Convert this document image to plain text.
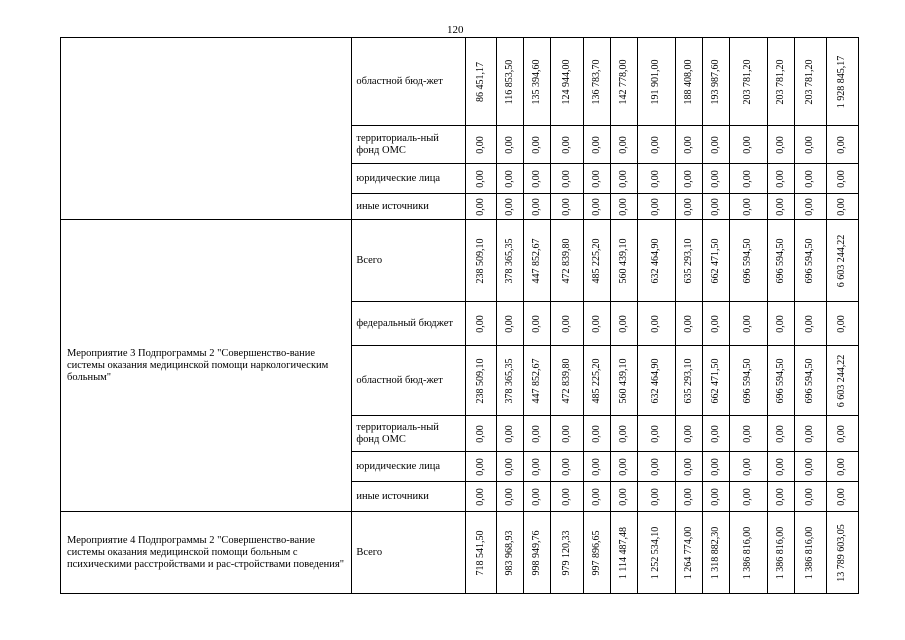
120
	областной бюд-жет	86 451,17	116 853,50	135 394,60	124 944,00	136 783,70	142 778,00	191 901,00	188 408,00	193 987,60	203 781,20	203 781,20	203 781,20	1 928 845,17

	территориаль-ный фонд ОМС	0,00	0,00	0,00	0,00	0,00	0,00	0,00	0,00	0,00	0,00	0,00	0,00	0,00

	юридические лица	0,00	0,00	0,00	0,00	0,00	0,00	0,00	0,00	0,00	0,00	0,00	0,00	0,00

	иные источники	0,00	0,00	0,00	0,00	0,00	0,00	0,00	0,00	0,00	0,00	0,00	0,00	0,00

Мероприятие 3 Подпрограммы 2 "Совершенство-вание системы оказания медицинской помощи наркологическим больным"	Всего	238 509,10	378 365,35	447 852,67	472 839,80	485 225,20	560 439,10	632 464,90	635 293,10	662 471,50	696 594,50	696 594,50	696 594,50	6 603 244,22

	федеральный бюджет	0,00	0,00	0,00	0,00	0,00	0,00	0,00	0,00	0,00	0,00	0,00	0,00	0,00

	областной бюд-жет	238 509,10	378 365,35	447 852,67	472 839,80	485 225,20	560 439,10	632 464,90	635 293,10	662 471,50	696 594,50	696 594,50	696 594,50	6 603 244,22

	территориаль-ный фонд ОМС	0,00	0,00	0,00	0,00	0,00	0,00	0,00	0,00	0,00	0,00	0,00	0,00	0,00

	юридические лица	0,00	0,00	0,00	0,00	0,00	0,00	0,00	0,00	0,00	0,00	0,00	0,00	0,00

	иные источники	0,00	0,00	0,00	0,00	0,00	0,00	0,00	0,00	0,00	0,00	0,00	0,00	0,00

Мероприятие 4 Подпрограммы 2 "Совершенство-вание системы оказания медицинской помощи больным с психическими расстройствами и рас-стройствами поведения"	Всего	718 541,50	983 968,93	998 949,76	979 120,33	997 896,65	1 114 487,48	1 252 534,10	1 264 774,00	1 318 882,30	1 386 816,00	1 386 816,00	1 386 816,00	13 789 603,05
